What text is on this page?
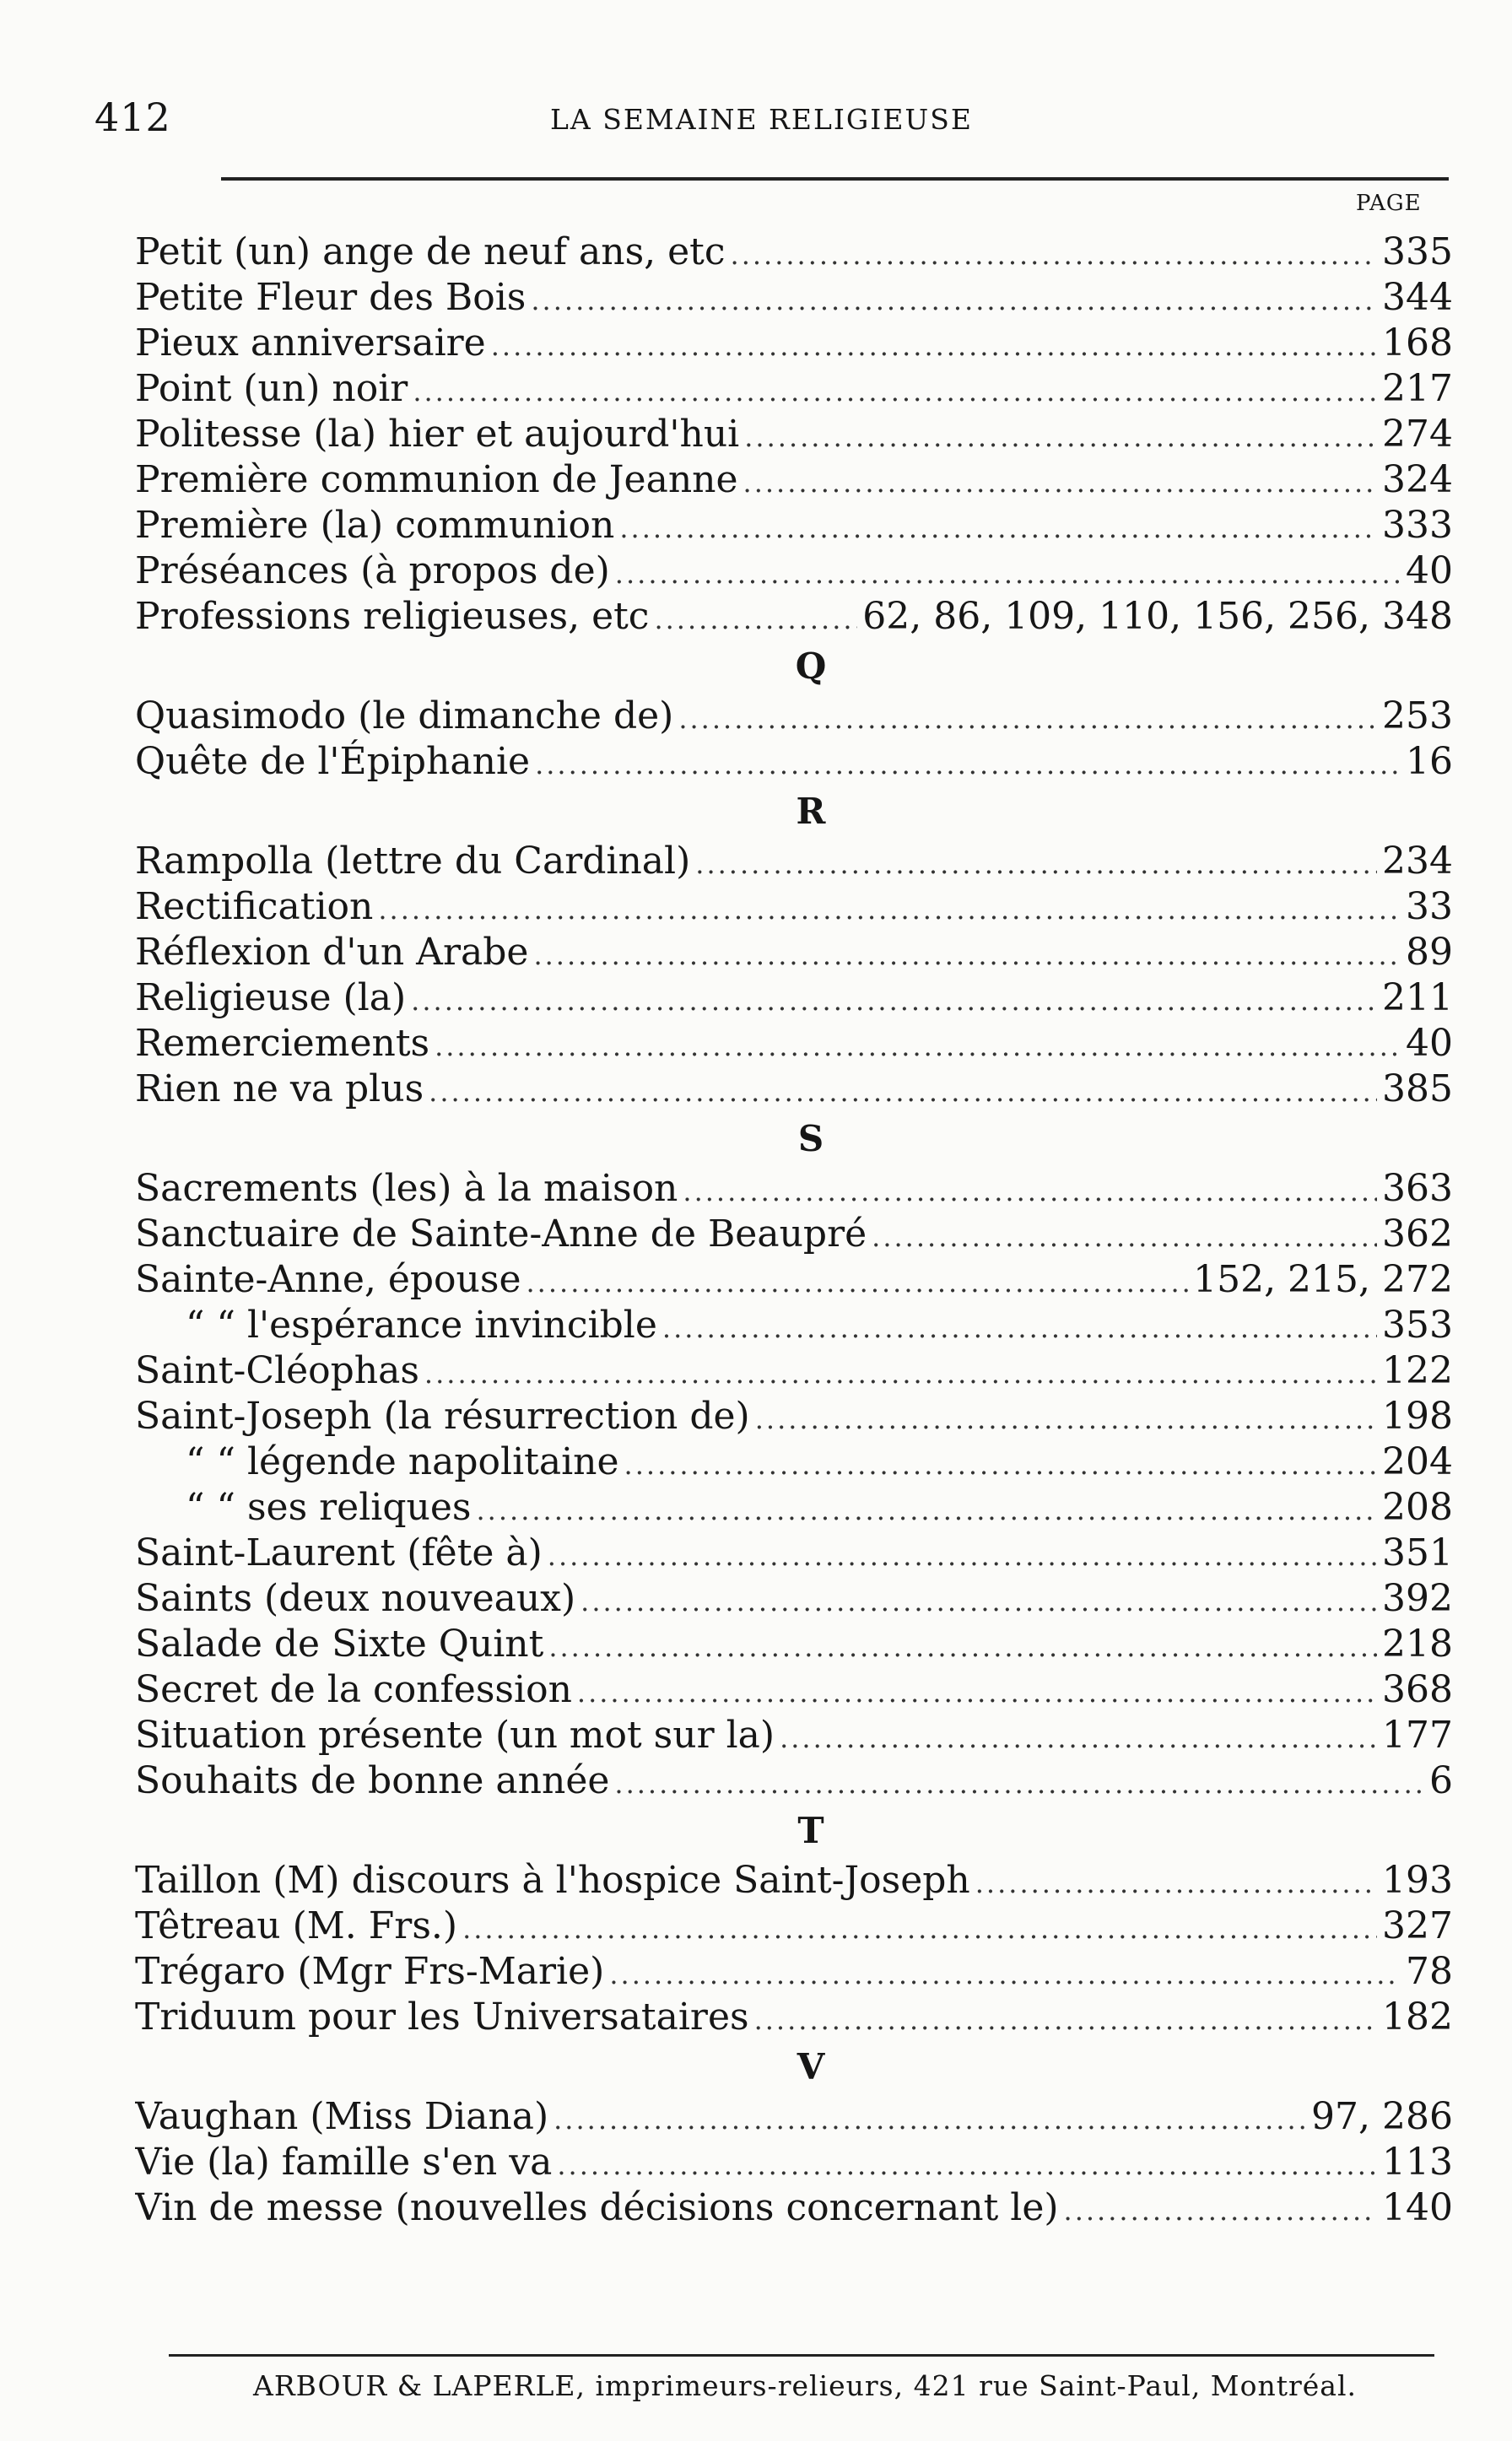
412	LA SEMAINE RELIGIEUSE
PAGE
Petit (un) ange de neuf ans, etc .....	335
Petite Fleur des Bois .....	344
Pieux anniversaire .....	168
Point (un) noir .....	217
Politesse (la) hier et aujourd'hui .....	274
Première communion de Jeanne .....	324
Première (la) communion .....	333
Préséances (à propos de) .....	40
Professions religieuses, etc .....	62, 86, 109, 110, 156, 256, 348
Q
Quasimodo (le dimanche de) .....	253
Quête de l'Épiphanie .....	16
R
Rampolla (lettre du Cardinal) .....	234
Rectification .....	33
Réflexion d'un Arabe .....	89
Religieuse (la) .....	211
Remerciements .....	40
Rien ne va plus .....	385
S
Sacrements (les) à la maison .....	363
Sanctuaire de Sainte-Anne de Beaupré .....	362
Sainte-Anne, épouse .....	152, 215, 272
“ “ l'espérance invincible .....	353
Saint-Cléophas .....	122
Saint-Joseph (la résurrection de) .....	198
“ “ légende napolitaine .....	204
“ “ ses reliques .....	208
Saint-Laurent (fête à) .....	351
Saints (deux nouveaux) .....	392
Salade de Sixte Quint .....	218
Secret de la confession .....	368
Situation présente (un mot sur la) .....	177
Souhaits de bonne année .....	6
T
Taillon (M) discours à l'hospice Saint-Joseph .....	193
Têtreau (M. Frs.) .....	327
Trégaro (Mgr Frs-Marie) .....	78
Triduum pour les Universataires .....	182
V
Vaughan (Miss Diana) .....	97, 286
Vie (la) famille s'en va .....	113
Vin de messe (nouvelles décisions concernant le) .....	140
ARBOUR & LAPERLE, imprimeurs-relieurs, 421 rue Saint-Paul, Montréal.
